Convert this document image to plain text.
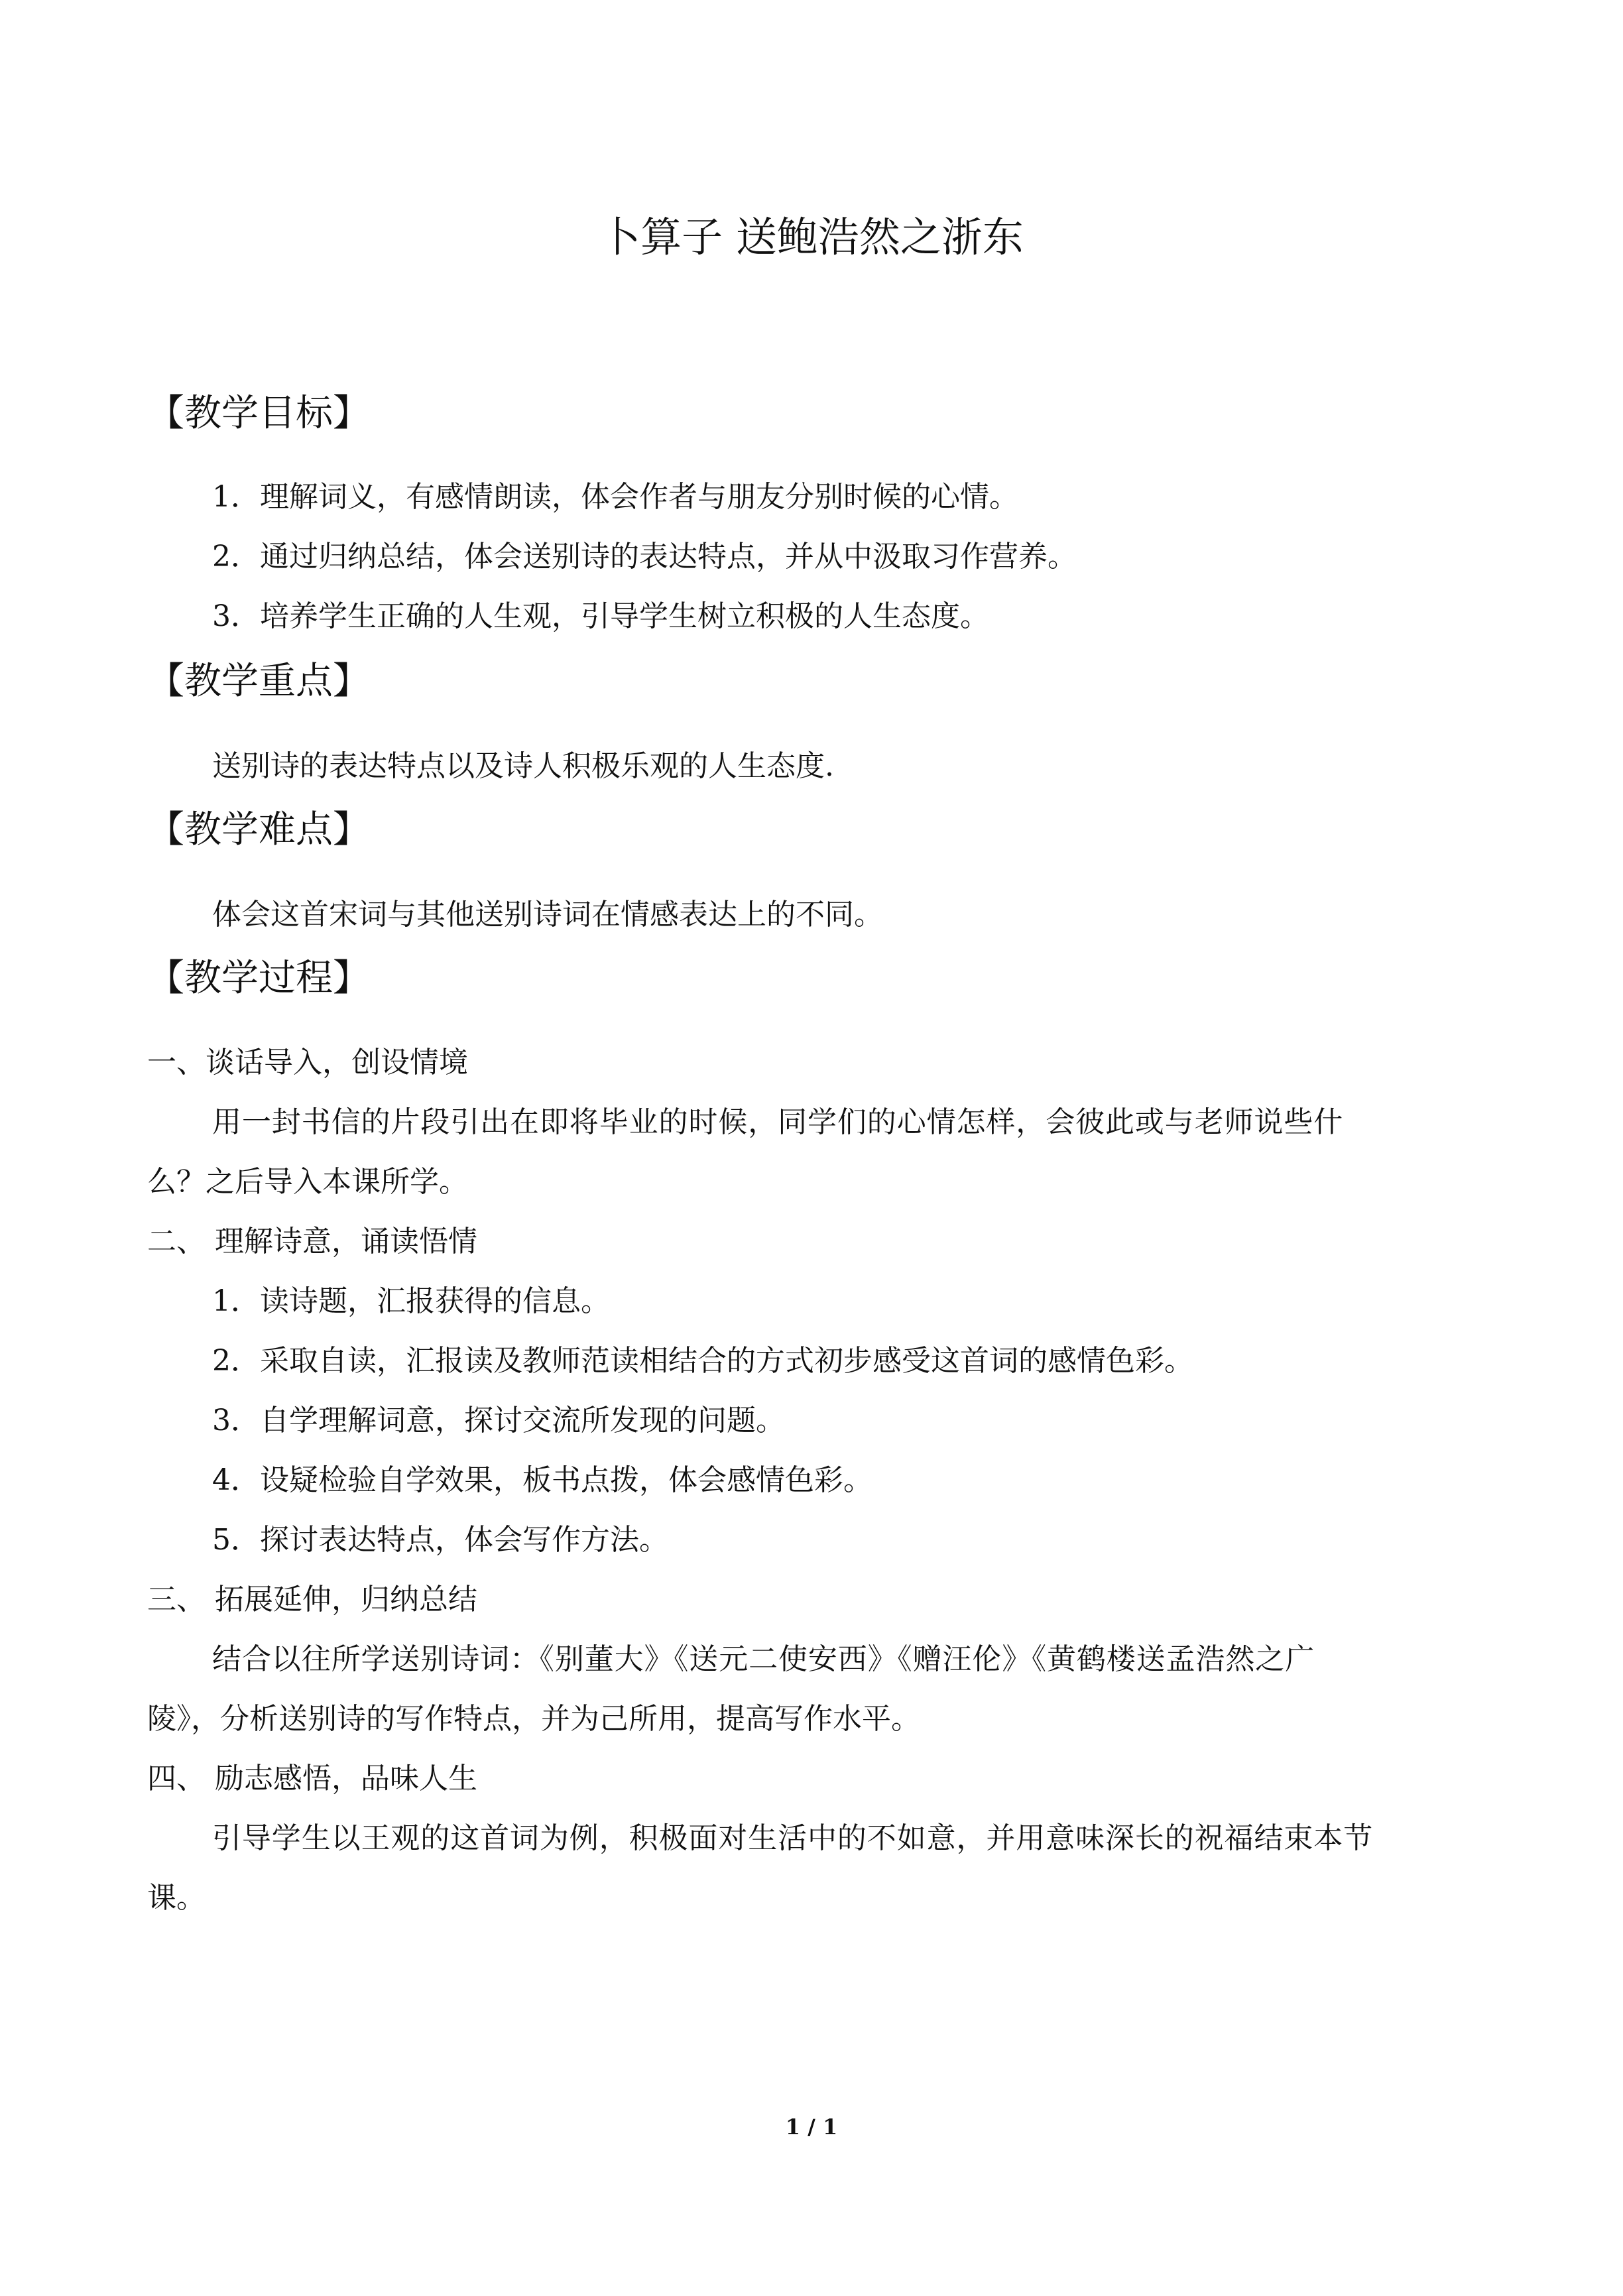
卜算子 送鲍浩然之浙东
【教学目标】
1．理解词义，有感情朗读，体会作者与朋友分别时候的心情。
2．通过归纳总结，体会送别诗的表达特点，并从中汲取习作营养。
3．培养学生正确的人生观，引导学生树立积极的人生态度。
【教学重点】
送别诗的表达特点以及诗人积极乐观的人生态度.
【教学难点】
体会这首宋词与其他送别诗词在情感表达上的不同。
【教学过程】
一、谈话导入，创设情境
用一封书信的片段引出在即将毕业的时候，同学们的心情怎样，会彼此或与老师说些什
么？之后导入本课所学。
二、 理解诗意，诵读悟情
1．读诗题，汇报获得的信息。
2．采取自读，汇报读及教师范读相结合的方式初步感受这首词的感情色彩。
3．自学理解词意，探讨交流所发现的问题。
4．设疑检验自学效果，板书点拨，体会感情色彩。
5．探讨表达特点，体会写作方法。
三、 拓展延伸，归纳总结
结合以往所学送别诗词：《别董大》《送元二使安西》《赠汪伦》《黄鹤楼送孟浩然之广
陵》，分析送别诗的写作特点，并为己所用，提高写作水平。
四、 励志感悟，品味人生
引导学生以王观的这首词为例，积极面对生活中的不如意，并用意味深长的祝福结束本节
课。
1 / 1
